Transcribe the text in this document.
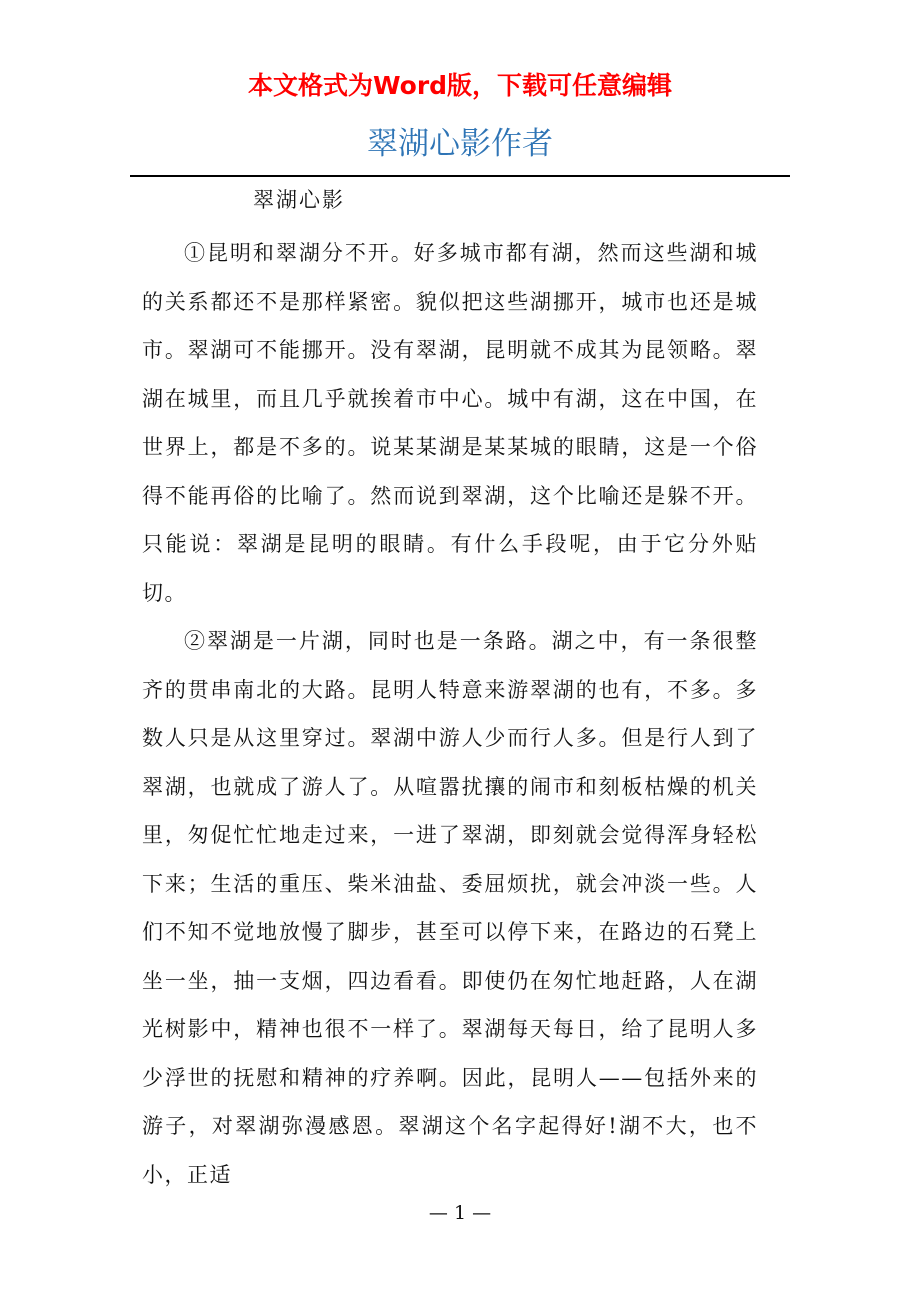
本文格式为Word版，下载可任意编辑
翠湖心影作者
翠湖心影

①昆明和翠湖分不开。好多城市都有湖，然而这些湖和城的关系都还不是那样紧密。貌似把这些湖挪开，城市也还是城市。翠湖可不能挪开。没有翠湖，昆明就不成其为昆领略。翠湖在城里，而且几乎就挨着市中心。城中有湖，这在中国，在世界上，都是不多的。说某某湖是某某城的眼睛，这是一个俗得不能再俗的比喻了。然而说到翠湖，这个比喻还是躲不开。只能说：翠湖是昆明的眼睛。有什么手段呢，由于它分外贴切。

②翠湖是一片湖，同时也是一条路。湖之中，有一条很整齐的贯串南北的大路。昆明人特意来游翠湖的也有，不多。多数人只是从这里穿过。翠湖中游人少而行人多。但是行人到了翠湖，也就成了游人了。从喧嚣扰攘的闹市和刻板枯燥的机关里，匆促忙忙地走过来，一进了翠湖，即刻就会觉得浑身轻松下来；生活的重压、柴米油盐、委屈烦扰，就会冲淡一些。人们不知不觉地放慢了脚步，甚至可以停下来，在路边的石凳上坐一坐，抽一支烟，四边看看。即使仍在匆忙地赶路，人在湖光树影中，精神也很不一样了。翠湖每天每日，给了昆明人多少浮世的抚慰和精神的疗养啊。因此，昆明人——包括外来的游子，对翠湖弥漫感恩。翠湖这个名字起得好!湖不大，也不小，正适

— 1 —
